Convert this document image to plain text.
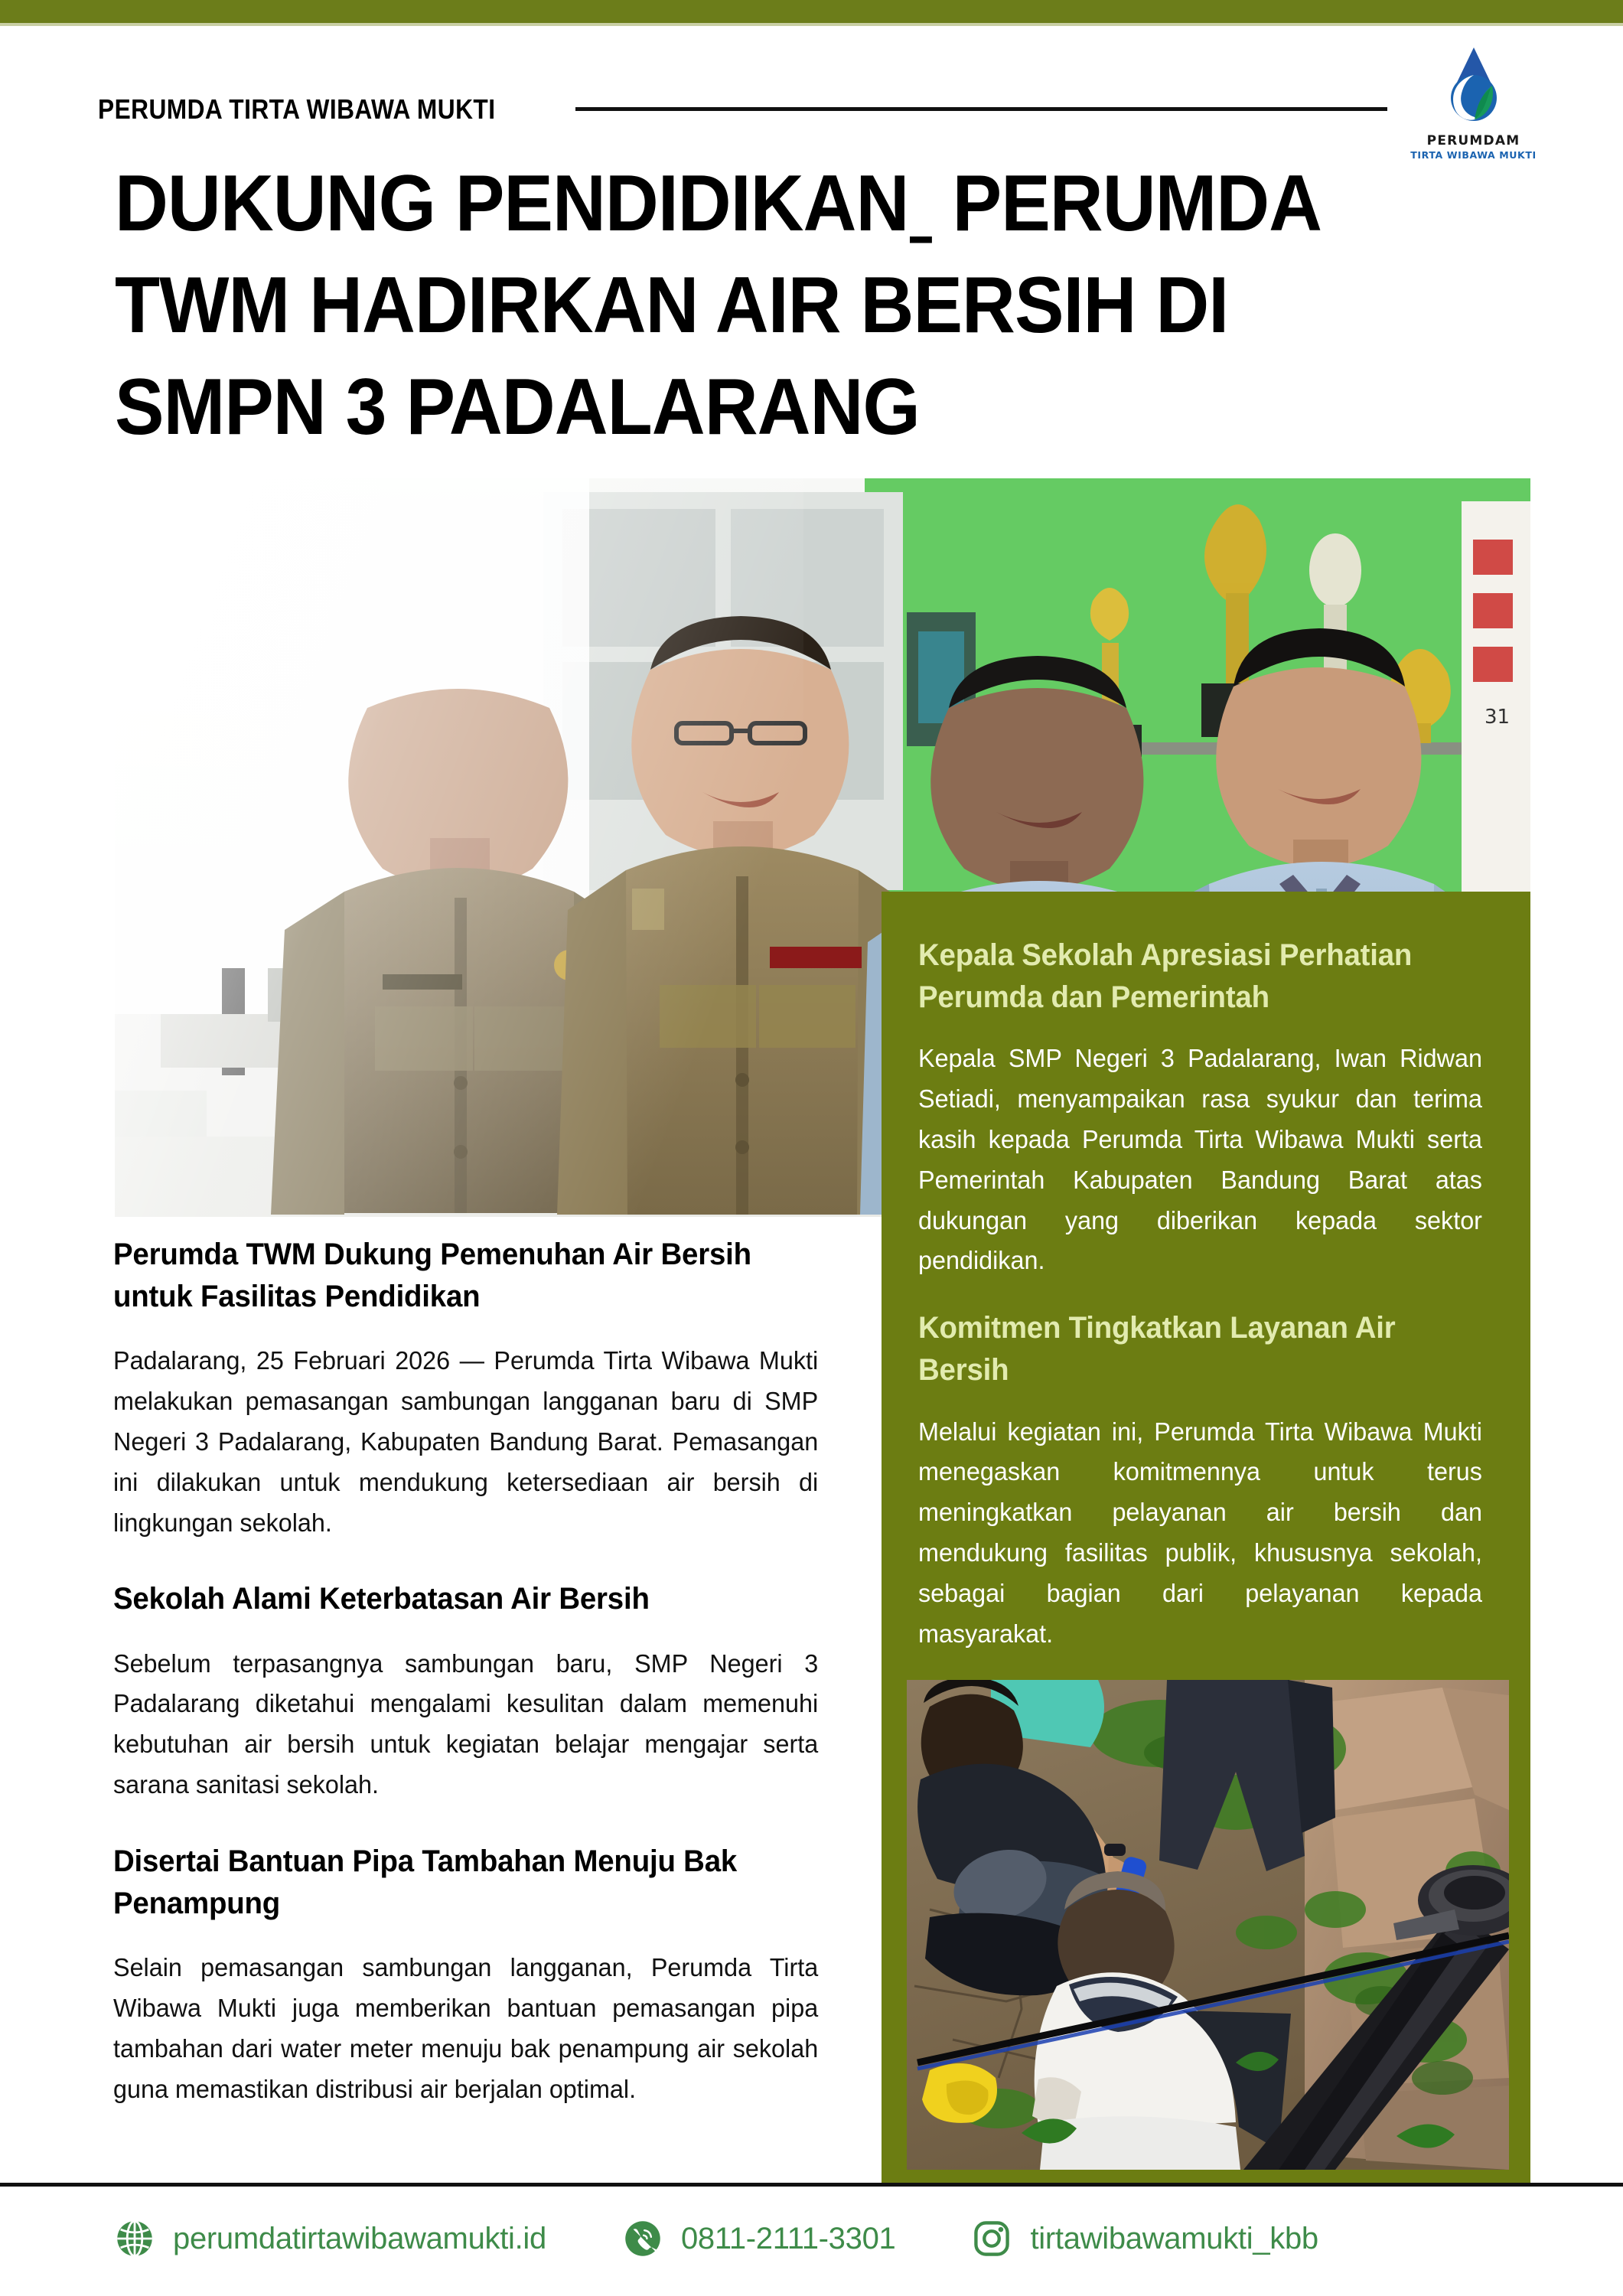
PERUMDA TIRTA WIBAWA MUKTI
PERUMDAM
TIRTA WIBAWA MUKTI
DUKUNG PENDIDIKANˍ PERUMDA
TWM HADIRKAN AIR BERSIH DI
SMPN 3 PADALARANG
31
Perumda TWM Dukung Pemenuhan Air Bersih untuk Fasilitas Pendidikan
Padalarang, 25 Februari 2026 — Perumda Tirta Wibawa Mukti melakukan pemasangan sambungan langganan baru di SMP Negeri 3 Padalarang, Kabupaten Bandung Barat. Pemasangan ini dilakukan untuk mendukung ketersediaan air bersih di lingkungan sekolah.
Sekolah Alami Keterbatasan Air Bersih
Sebelum terpasangnya sambungan baru, SMP Negeri 3 Padalarang diketahui mengalami kesulitan dalam memenuhi kebutuhan air bersih untuk kegiatan belajar mengajar serta sarana sanitasi sekolah.
Disertai Bantuan Pipa Tambahan Menuju Bak Penampung
Selain pemasangan sambungan langganan, Perumda Tirta Wibawa Mukti juga memberikan bantuan pemasangan pipa tambahan dari water meter menuju bak penampung air sekolah guna memastikan distribusi air berjalan optimal.
Kepala Sekolah Apresiasi Perhatian Perumda dan Pemerintah
Kepala SMP Negeri 3 Padalarang, Iwan Ridwan Setiadi, menyampaikan rasa syukur dan terima kasih kepada Perumda Tirta Wibawa Mukti serta Pemerintah Kabupaten Bandung Barat atas dukungan yang diberikan kepada sektor pendidikan.
Komitmen Tingkatkan Layanan Air Bersih
Melalui kegiatan ini, Perumda Tirta Wibawa Mukti menegaskan komitmennya untuk terus meningkatkan pelayanan air bersih dan mendukung fasilitas publik, khususnya sekolah, sebagai bagian dari pelayanan kepada masyarakat.
perumdatirtawibawamukti.id	0811-2111-3301	tirtawibawamukti_kbb
